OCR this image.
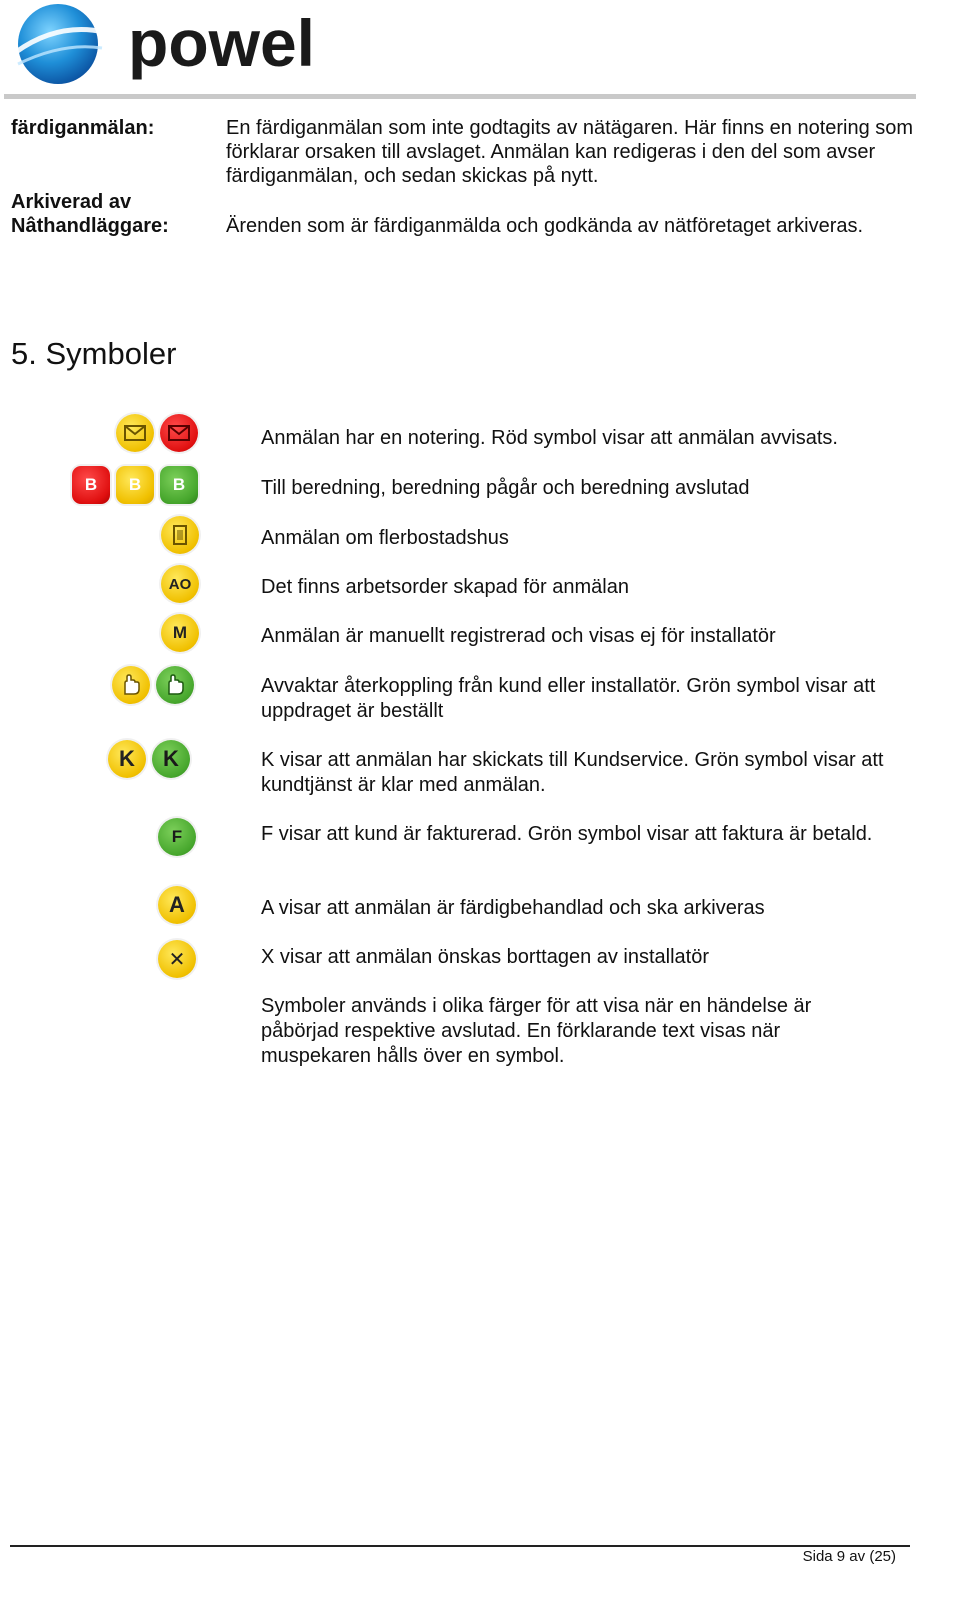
powel
färdiganmälan:	En färdiganmälan som inte godtagits av nätägaren. Här finns en notering som förklarar orsaken till avslaget. Anmälan kan redigeras i den del som avser färdiganmälan, och sedan skickas på nytt.
Arkiverad av
Nâthandläggare:	Ärenden som är färdiganmälda och godkända av nätföretaget arkiveras.
5. Symboler
Anmälan har en notering. Röd symbol visar att anmälan avvisats.
B	B	B	Till beredning, beredning pågår och beredning avslutad
Anmälan om flerbostadshus
AO	Det finns arbetsorder skapad för anmälan
M	Anmälan är manuellt registrerad och visas ej för installatör
Avvaktar återkoppling från kund eller installatör. Grön symbol visar att uppdraget är beställt
K	K	K visar att anmälan har skickats till Kundservice. Grön symbol visar att kundtjänst är klar med anmälan.
F	F visar att kund är fakturerad. Grön symbol visar att faktura är betald.
A	A visar att anmälan är färdigbehandlad och ska arkiveras
✕	X visar att anmälan önskas borttagen av installatör
Symboler används i olika färger för att visa när en händelse är påbörjad respektive avslutad. En förklarande text visas när muspekaren hålls över en symbol.
Sida 9 av (25)
